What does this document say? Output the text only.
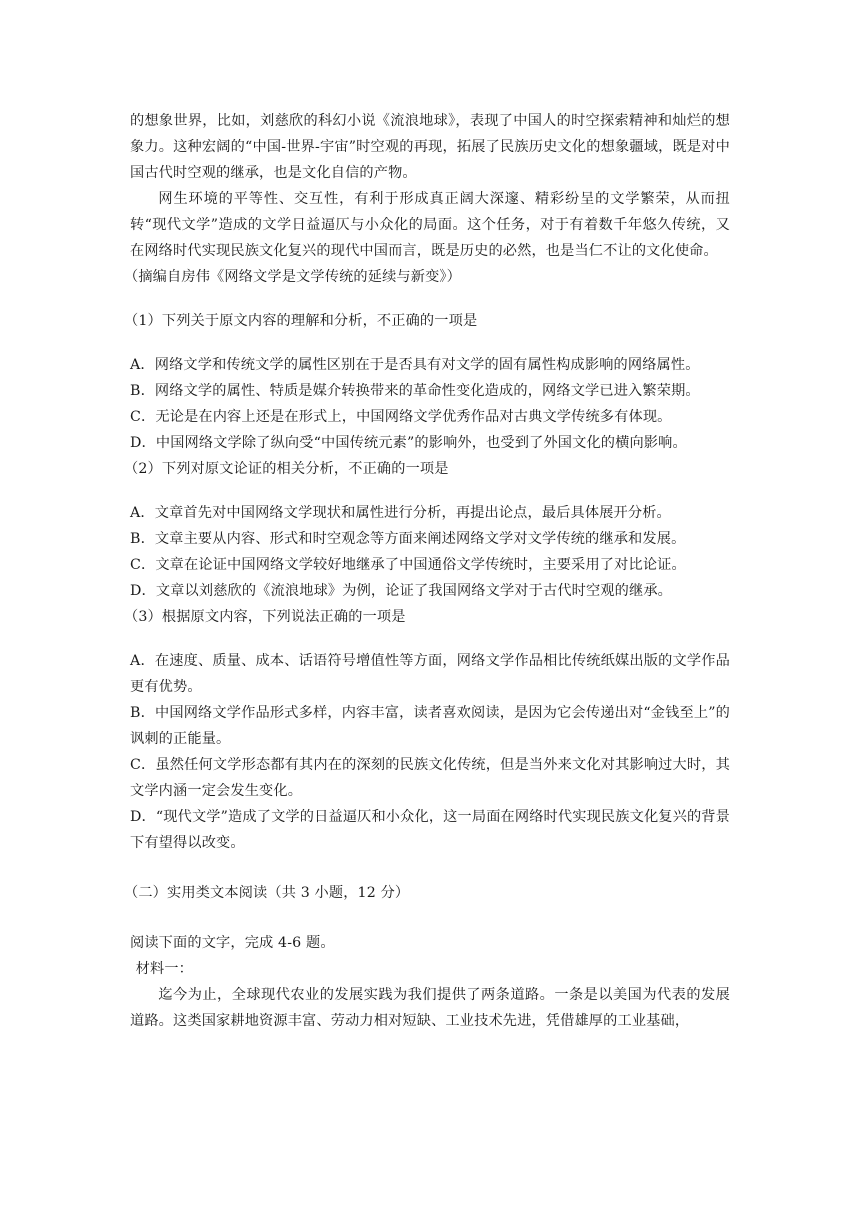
的想象世界，比如，刘慈欣的科幻小说《流浪地球》，表现了中国人的时空探索精神和灿烂的想象力。这种宏阔的“中国-世界-宇宙”时空观的再现，拓展了民族历史文化的想象疆域，既是对中国古代时空观的继承，也是文化自信的产物。

网生环境的平等性、交互性，有利于形成真正阔大深邃、精彩纷呈的文学繁荣，从而扭转“现代文学”造成的文学日益逼仄与小众化的局面。这个任务，对于有着数千年悠久传统，又在网络时代实现民族文化复兴的现代中国而言，既是历史的必然，也是当仁不让的文化使命。

（摘编自房伟《网络文学是文学传统的延续与新变》）

（1）下列关于原文内容的理解和分析，不正确的一项是

A．网络文学和传统文学的属性区别在于是否具有对文学的固有属性构成影响的网络属性。

B．网络文学的属性、特质是媒介转换带来的革命性变化造成的，网络文学已进入繁荣期。

C．无论是在内容上还是在形式上，中国网络文学优秀作品对古典文学传统多有体现。

D．中国网络文学除了纵向受“中国传统元素”的影响外，也受到了外国文化的横向影响。

（2）下列对原文论证的相关分析，不正确的一项是

A．文章首先对中国网络文学现状和属性进行分析，再提出论点，最后具体展开分析。

B．文章主要从内容、形式和时空观念等方面来阐述网络文学对文学传统的继承和发展。

C．文章在论证中国网络文学较好地继承了中国通俗文学传统时，主要采用了对比论证。

D．文章以刘慈欣的《流浪地球》为例，论证了我国网络文学对于古代时空观的继承。

（3）根据原文内容，下列说法正确的一项是

A．在速度、质量、成本、话语符号增值性等方面，网络文学作品相比传统纸媒出版的文学作品更有优势。

B．中国网络文学作品形式多样，内容丰富，读者喜欢阅读，是因为它会传递出对“金钱至上”的讽刺的正能量。

C．虽然任何文学形态都有其内在的深刻的民族文化传统，但是当外来文化对其影响过大时，其文学内涵一定会发生变化。

D．“现代文学”造成了文学的日益逼仄和小众化，这一局面在网络时代实现民族文化复兴的背景下有望得以改变。

（二）实用类文本阅读（共 3 小题，12 分）

阅读下面的文字，完成 4-6 题。

材料一：

迄今为止，全球现代农业的发展实践为我们提供了两条道路。一条是以美国为代表的发展道路。这类国家耕地资源丰富、劳动力相对短缺、工业技术先进，凭借雄厚的工业基础，
